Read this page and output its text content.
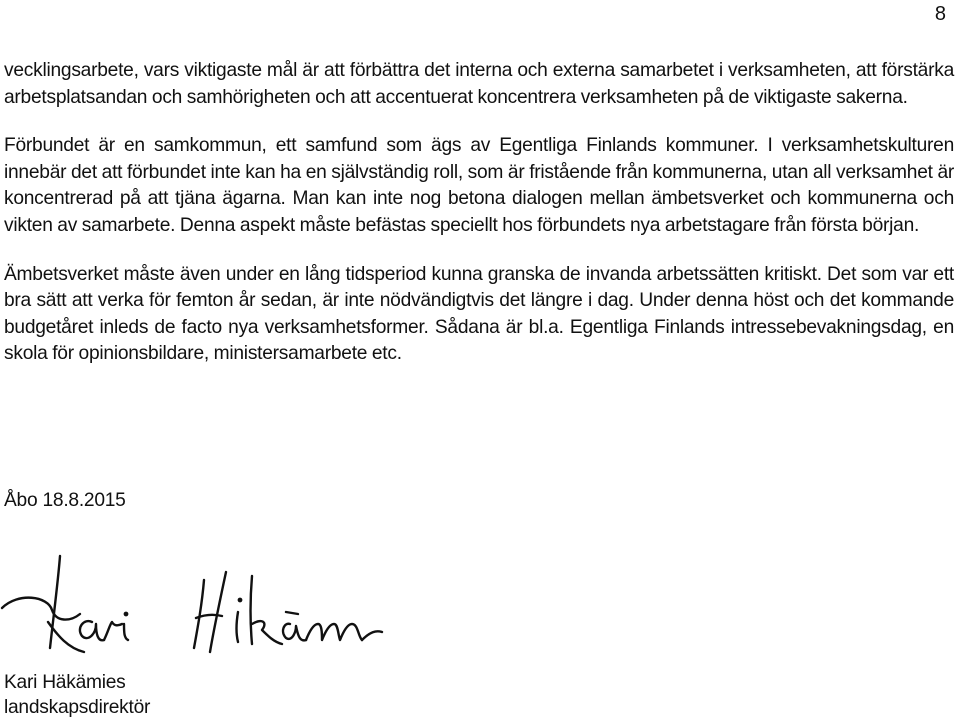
8

vecklingsarbete, vars viktigaste mål är att förbättra det interna och externa samarbetet i verksamheten, att förstärka arbetsplatsandan och samhörigheten och att accentuerat koncentrera verksamheten på de viktigaste sakerna.

Förbundet är en samkommun, ett samfund som ägs av Egentliga Finlands kommuner. I verksamhetskulturen innebär det att förbundet inte kan ha en självständig roll, som är fristående från kommunerna, utan all verksamhet är koncentrerad på att tjäna ägarna. Man kan inte nog betona dialogen mellan ämbetsverket och kommunerna och vikten av samarbete. Denna aspekt måste befästas speciellt hos förbundets nya arbetstagare från första början.

Ämbetsverket måste även under en lång tidsperiod kunna granska de invanda arbetssätten kritiskt. Det som var ett bra sätt att verka för femton år sedan, är inte nödvändigtvis det längre i dag. Under denna höst och det kommande budgetåret inleds de facto nya verksamhetsformer. Sådana är bl.a. Egentliga Finlands intressebevakningsdag, en skola för opinionsbildare, ministersamarbete etc.

Åbo 18.8.2015
Kari Häkämies
landskapsdirektör
